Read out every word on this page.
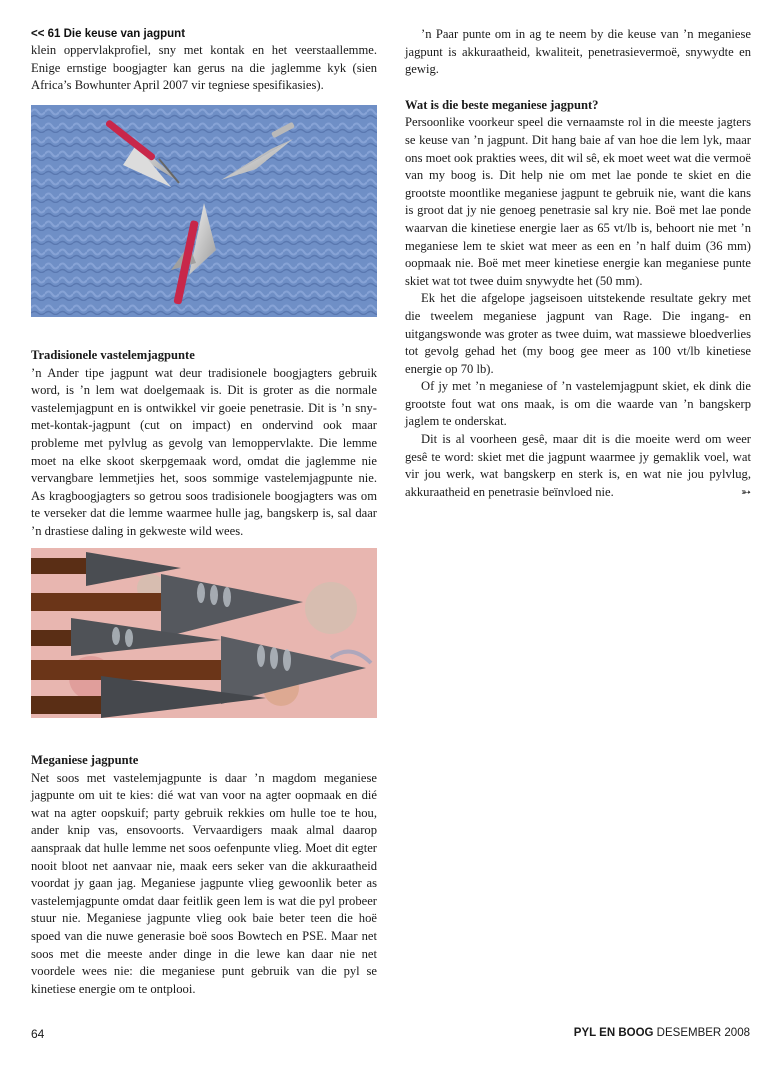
<< 61 Die keuse van jagpunt

klein oppervlakprofiel, sny met kontak en het veerstaallemme. Enige ernstige boogjagter kan gerus na die jaglemme kyk (sien Africa’s Bowhunter April 2007 vir tegniese spesifikasies).

Tradisionele vastelemjagpunte

’n Ander tipe jagpunt wat deur tradisionele boogjagters gebruik word, is ’n lem wat doelgemaak is. Dit is groter as die normale vastelemjagpunt en is ontwikkel vir goeie penetrasie. Dit is ’n sny-met-kontak-jagpunt (cut on impact) en ondervind ook maar probleme met pylvlug as gevolg van lemoppervlakte. Die lemme moet na elke skoot skerpgemaak word, omdat die jaglemme nie vervangbare lemmetjies het, soos sommige vastelemjagpunte nie. As kragboogjagters so getrou soos tradisionele boogjagters was om te verseker dat die lemme waarmee hulle jag, bangskerp is, sal daar ’n drastiese daling in gekweste wild wees.

Meganiese jagpunte

Net soos met vastelemjagpunte is daar ’n magdom meganiese jagpunte om uit te kies: dié wat van voor na agter oopmaak en dié wat na agter oopskuif; party gebruik rekkies om hulle toe te hou, ander knip vas, ensovoorts. Vervaardigers maak almal daarop aanspraak dat hulle lemme net soos oefenpunte vlieg. Moet dit egter nooit bloot net aanvaar nie, maak eers seker van die akkuraatheid voordat jy gaan jag. Meganiese jagpunte vlieg gewoonlik beter as vastelemjagpunte omdat daar feitlik geen lem is wat die pyl probeer stuur nie. Meganiese jagpunte vlieg ook baie beter teen die hoë spoed van die nuwe generasie boë soos Bowtech en PSE. Maar net soos met die meeste ander dinge in die lewe kan daar nie net voordele wees nie: die meganiese punt gebruik van die pyl se kinetiese energie om te ontplooi.

’n Paar punte om in ag te neem by die keuse van ’n meganiese jagpunt is akkuraatheid, kwaliteit, penetrasievermoë, snywydte en gewig.

Wat is die beste meganiese jagpunt?

Persoonlike voorkeur speel die vernaamste rol in die meeste jagters se keuse van ’n jagpunt. Dit hang baie af van hoe die lem lyk, maar ons moet ook prakties wees, dit wil sê, ek moet weet wat die vermoë van my boog is. Dit help nie om met lae ponde te skiet en die grootste moontlike meganiese jagpunt te gebruik nie, want die kans is groot dat jy nie genoeg penetrasie sal kry nie. Boë met lae ponde waarvan die kinetiese energie laer as 65 vt/lb is, behoort nie met ’n meganiese lem te skiet wat meer as een en ’n half duim (36 mm) oopmaak nie. Boë met meer kinetiese energie kan meganiese punte skiet wat tot twee duim snywydte het (50 mm).

Ek het die afgelope jagseisoen uitstekende resultate gekry met die tweelem meganiese jagpunt van Rage. Die ingang- en uitgangswonde was groter as twee duim, wat massiewe bloedverlies tot gevolg gehad het (my boog gee meer as 100 vt/lb kinetiese energie op 70 lb).

Of jy met ’n meganiese of ’n vastelemjagpunt skiet, ek dink die grootste fout wat ons maak, is om die waarde van ’n bangskerp jaglem te onderskat.

Dit is al voorheen gesê, maar dit is die moeite werd om weer gesê te word: skiet met die jagpunt waarmee jy gemaklik voel, wat vir jou werk, wat bangskerp en sterk is, en wat nie jou pylvlug, akkuraatheid en penetrasie beïnvloed nie.	➳

64	PYL EN BOOG DESEMBER 2008
